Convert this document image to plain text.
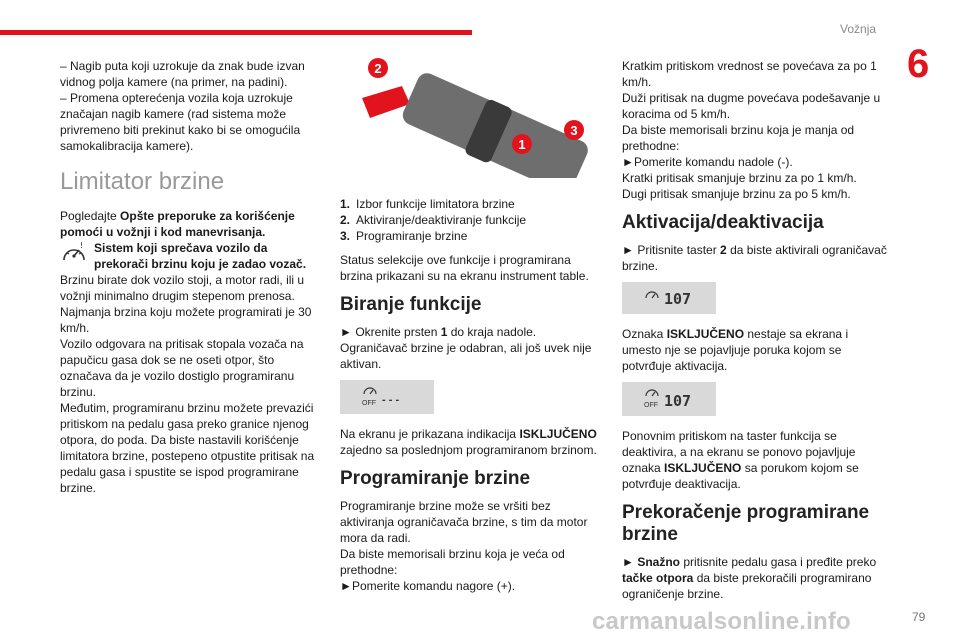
Vožnja
6

– Nagib puta koji uzrokuje da znak bude izvan vidnog polja kamere (na primer, na padini).

– Promena opterećenja vozila koja uzrokuje značajan nagib kamere (rad sistema može privremeno biti prekinut kako bi se omogućila samokalibracija kamere).

Limitator brzine

Pogledajte Opšte preporuke za korišćenje pomoći u vožnji i kod manevrisanja.

! Sistem koji sprečava vozilo da prekorači brzinu koju je zadao vozač.

Brzinu birate dok vozilo stoji, a motor radi, ili u vožnji minimalno drugim stepenom prenosa.
Najmanja brzina koju možete programirati je 30 km/h.
Vozilo odgovara na pritisak stopala vozača na papučicu gasa dok se ne oseti otpor, što označava da je vozilo dostiglo programiranu brzinu.
Međutim, programiranu brzinu možete prevazići pritiskom na pedalu gasa preko granice njenog otpora, do poda. Da biste nastavili korišćenje limitatora brzine, postepeno otpustite pritisak na pedalu gasa i spustite se ispod programirane brzine.

2
1
3

1. Izbor funkcije limitatora brzine

2. Aktiviranje/deaktiviranje funkcije

3. Programiranje brzine

Status selekcije ove funkcije i programirana brzina prikazani su na ekranu instrument table.

Biranje funkcije

► Okrenite prsten 1 do kraja nadole.

Ograničavač brzine je odabran, ali još uvek nije aktivan.

OFF - - -

Na ekranu je prikazana indikacija ISKLJUČENO zajedno sa poslednjom programiranom brzinom.

Programiranje brzine

Programiranje brzine može se vršiti bez aktiviranja ograničavača brzine, s tim da motor mora da radi.

Da biste memorisali brzinu koja je veća od prethodne:

►Pomerite komandu nagore (+).

Kratkim pritiskom vrednost se povećava za po 1 km/h.

Duži pritisak na dugme povećava podešavanje u koracima od 5 km/h.

Da biste memorisali brzinu koja je manja od prethodne:

►Pomerite komandu nadole (-).

Kratki pritisak smanjuje brzinu za po 1 km/h.

Dugi pritisak smanjuje brzinu za po 5 km/h.

Aktivacija/deaktivacija

► Pritisnite taster 2 da biste aktivirali ograničavač brzine.

107

Oznaka ISKLJUČENO nestaje sa ekrana i umesto nje se pojavljuje poruka kojom se potvrđuje aktivacija.

OFF 107

Ponovnim pritiskom na taster funkcija se deaktivira, a na ekranu se ponovo pojavljuje oznaka ISKLJUČENO sa porukom kojom se potvrđuje deaktivacija.

Prekoračenje programirane brzine

► Snažno pritisnite pedalu gasa i pređite preko tačke otpora da biste prekoračili programirano ograničenje brzine.

carmanualsonline.info	79
